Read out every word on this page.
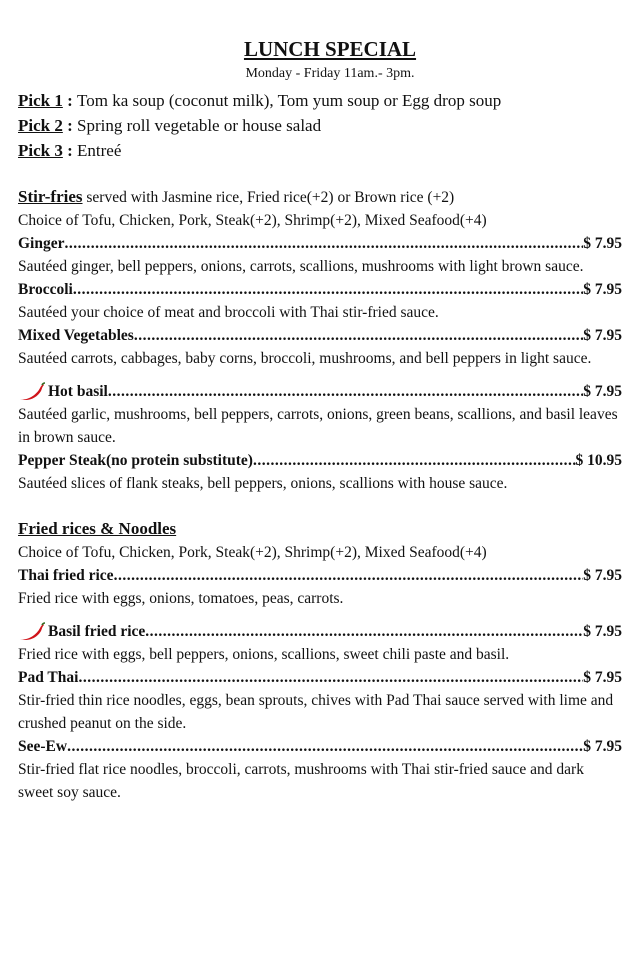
LUNCH SPECIAL

Monday - Friday 11am.- 3pm.

Pick 1 : Tom ka soup (coconut milk), Tom yum soup or Egg drop soup

Pick 2 : Spring roll vegetable or house salad

Pick 3 : Entreé

Stir-fries served with Jasmine rice, Fried rice(+2) or Brown rice (+2)

Choice of Tofu, Chicken, Pork, Steak(+2), Shrimp(+2), Mixed Seafood(+4)

Ginger .....	$ 7.95

Sautéed ginger, bell peppers, onions, carrots, scallions, mushrooms with light brown sauce.

Broccoli .....	$ 7.95

Sautéed your choice of meat and broccoli with Thai stir-fried sauce.

Mixed Vegetables .....	$ 7.95

Sautéed carrots, cabbages, baby corns, broccoli, mushrooms, and bell peppers in light sauce.

Hot basil .....	$ 7.95

Sautéed garlic, mushrooms, bell peppers, carrots, onions, green beans, scallions, and basil leaves in brown sauce.

Pepper Steak(no protein substitute) .....	$ 10.95

Sautéed slices of flank steaks, bell peppers, onions, scallions with house sauce.

Fried rices & Noodles

Choice of Tofu, Chicken, Pork, Steak(+2), Shrimp(+2), Mixed Seafood(+4)

Thai fried rice .....	$ 7.95

Fried rice with eggs, onions, tomatoes, peas, carrots.

Basil fried rice .....	$ 7.95

Fried rice with eggs, bell peppers, onions, scallions, sweet chili paste and basil.

Pad Thai .....	$ 7.95

Stir-fried thin rice noodles, eggs, bean sprouts, chives with Pad Thai sauce served with lime and crushed peanut on the side.

See-Ew .....	$ 7.95

Stir-fried flat rice noodles, broccoli, carrots, mushrooms with Thai stir-fried sauce and dark sweet soy sauce.
